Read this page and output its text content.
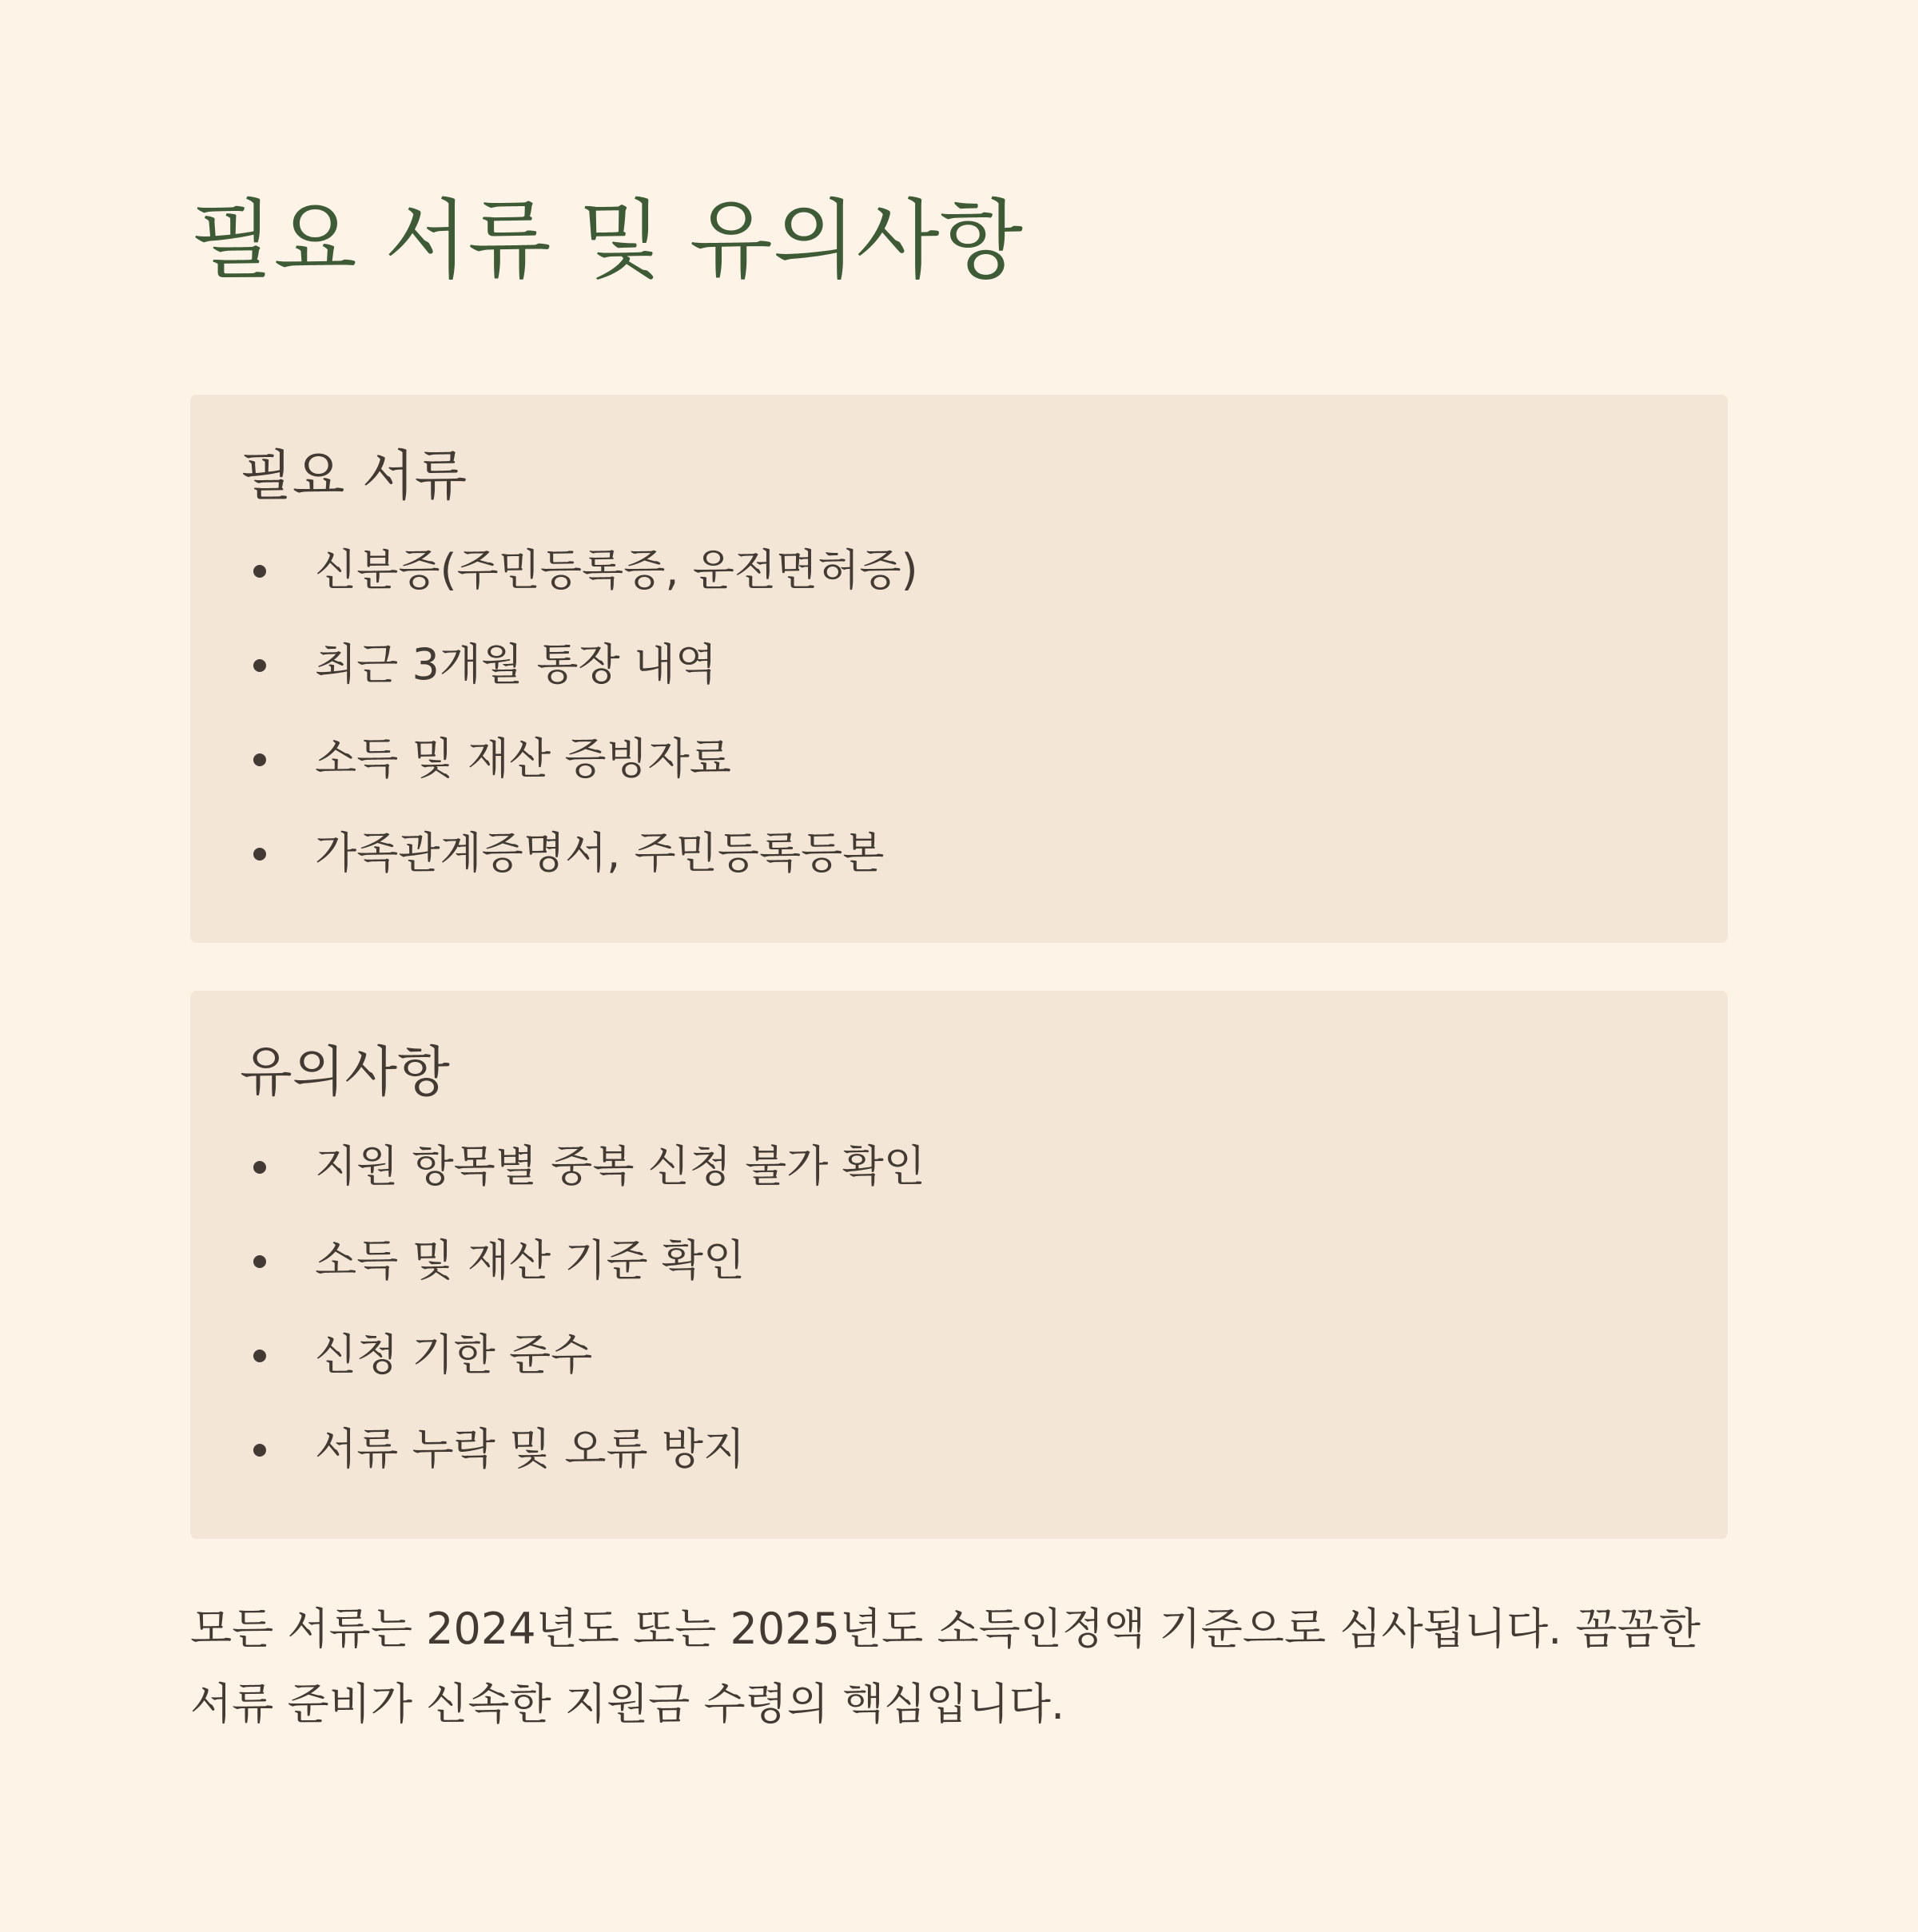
필요 서류 및 유의사항
필요 서류
신분증(주민등록증, 운전면허증)
최근 3개월 통장 내역
소득 및 재산 증빙자료
가족관계증명서, 주민등록등본
유의사항
지원 항목별 중복 신청 불가 확인
소득 및 재산 기준 확인
신청 기한 준수
서류 누락 및 오류 방지

모든 서류는 2024년도 또는 2025년도 소득인정액 기준으로 심사됩니다. 꼼꼼한 서류 준비가 신속한 지원금 수령의 핵심입니다.
